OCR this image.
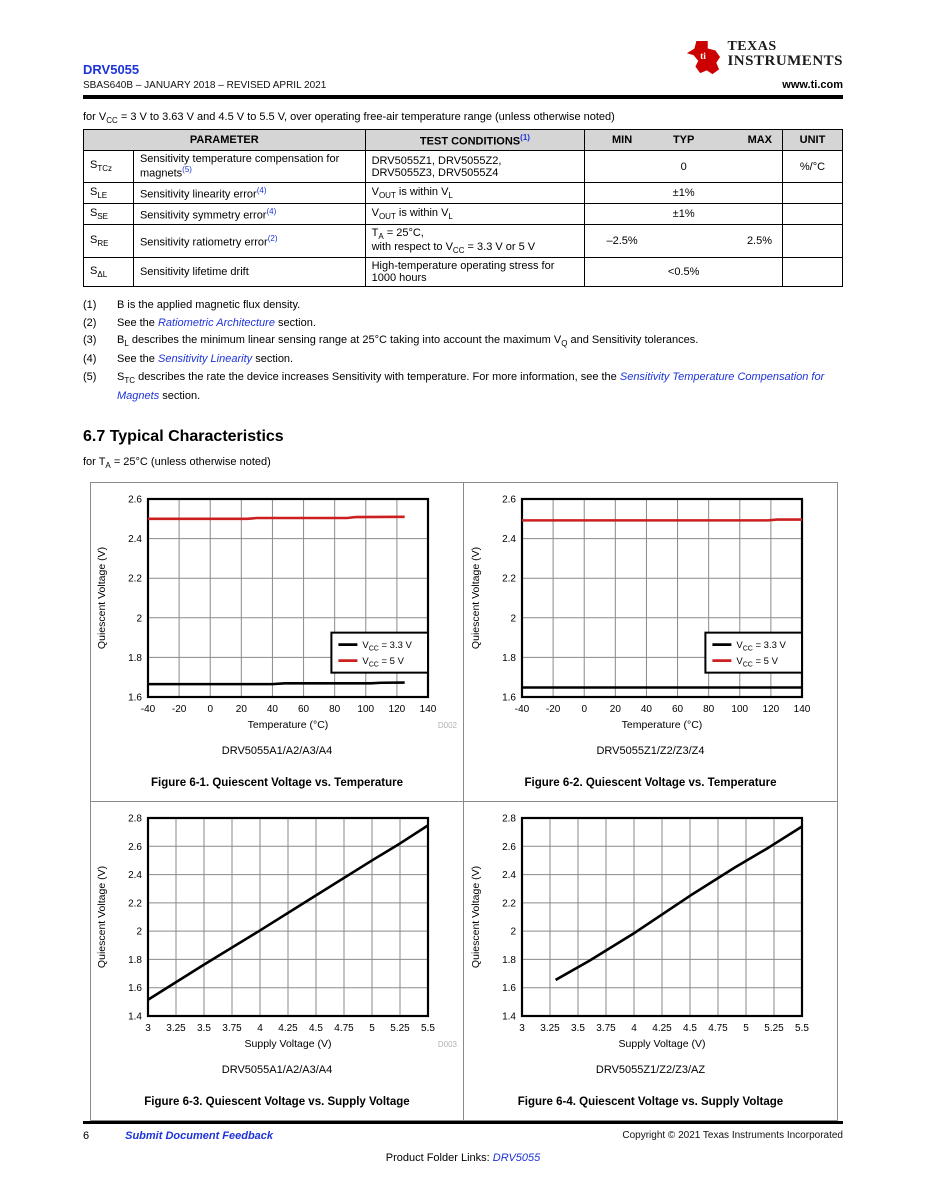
DRV5055
SBAS640B – JANUARY 2018 – REVISED APRIL 2021
ti
TEXAS
INSTRUMENTS
www.ti.com
for $V_{CC} = 3$ V to 3.63 V and 4.5 V to 5.5 V, over operating free-air temperature range (unless otherwise noted)
PARAMETER		TEST CONDITIONS$^{(1)}$	MIN TYP MAX	UNIT
$S_{TCz}$	Sensitivity temperature compensation for magnets$^{(5)}$	DRV5055Z1, DRV5055Z2,
DRV5055Z3, DRV5055Z4	0	%/°C
$S_{LE}$	Sensitivity linearity error$^{(4)}$	$V_{OUT}$ is within $V_L$	±1%	

$S_{SE}$	Sensitivity symmetry error$^{(4)}$	$V_{OUT}$ is within $V_L$	±1%	

$S_{RE}$	Sensitivity ratiometry error$^{(2)}$	$T_A = 25^\circ C$,
with respect to $V_{CC} = 3.3$ V or 5 V	–2.5% 2.5%	

$S_{\Delta L}$	Sensitivity lifetime drift	High-temperature operating stress for 1000 hours	<0.5%	

(1)	B is the applied magnetic flux density.
(2)	See the Ratiometric Architecture section.
(3)	$B_L$ describes the minimum linear sensing range at 25°C taking into account the maximum $V_Q$ and Sensitivity tolerances.
(4)	See the Sensitivity Linearity section.
(5)	$S_{TC}$ describes the rate the device increases Sensitivity with temperature. For more information, see the Sensitivity Temperature Compensation for Magnets section.
6.7 Typical Characteristics
for $T_A = 25^\circ C$ (unless otherwise noted)
-40 -20 0 20 40 60 80 100 120 140
1.6
1.8
2
2.2
2.4
2.6
Temperature (°C)
Quiescent Voltage (V)
D002
$V_{CC} = 3.3$ V
$V_{CC} = 5$ V
DRV5055A1/A2/A3/A4
Figure 6-1. Quiescent Voltage vs. Temperature
-40 -20 0 20 40 60 80 100 120 140
1.6
1.8
2
2.2
2.4
2.6
Temperature (°C)
Quiescent Voltage (V)	$V_{CC} = 3.3$ V
$V_{CC} = 5$ V
DRV5055Z1/Z2/Z3/Z4
Figure 6-2. Quiescent Voltage vs. Temperature
3 3.25 3.5 3.75 4 4.25 4.5 4.75 5 5.25 5.5
1.4
1.6
1.8
2
2.2
2.4
2.6
2.8
Supply Voltage (V)
Quiescent Voltage (V)
D003
DRV5055A1/A2/A3/A4
Figure 6-3. Quiescent Voltage vs. Supply Voltage
3 3.25 3.5 3.75 4 4.25 4.5 4.75 5 5.25 5.5
1.4
1.6
1.8
2
2.2
2.4
2.6
2.8
Supply Voltage (V)
Quiescent Voltage (V)
DRV5055Z1/Z2/Z3/AZ
Figure 6-4. Quiescent Voltage vs. Supply Voltage
6	Submit Document Feedback	Copyright © 2021 Texas Instruments Incorporated
Product Folder Links: DRV5055
